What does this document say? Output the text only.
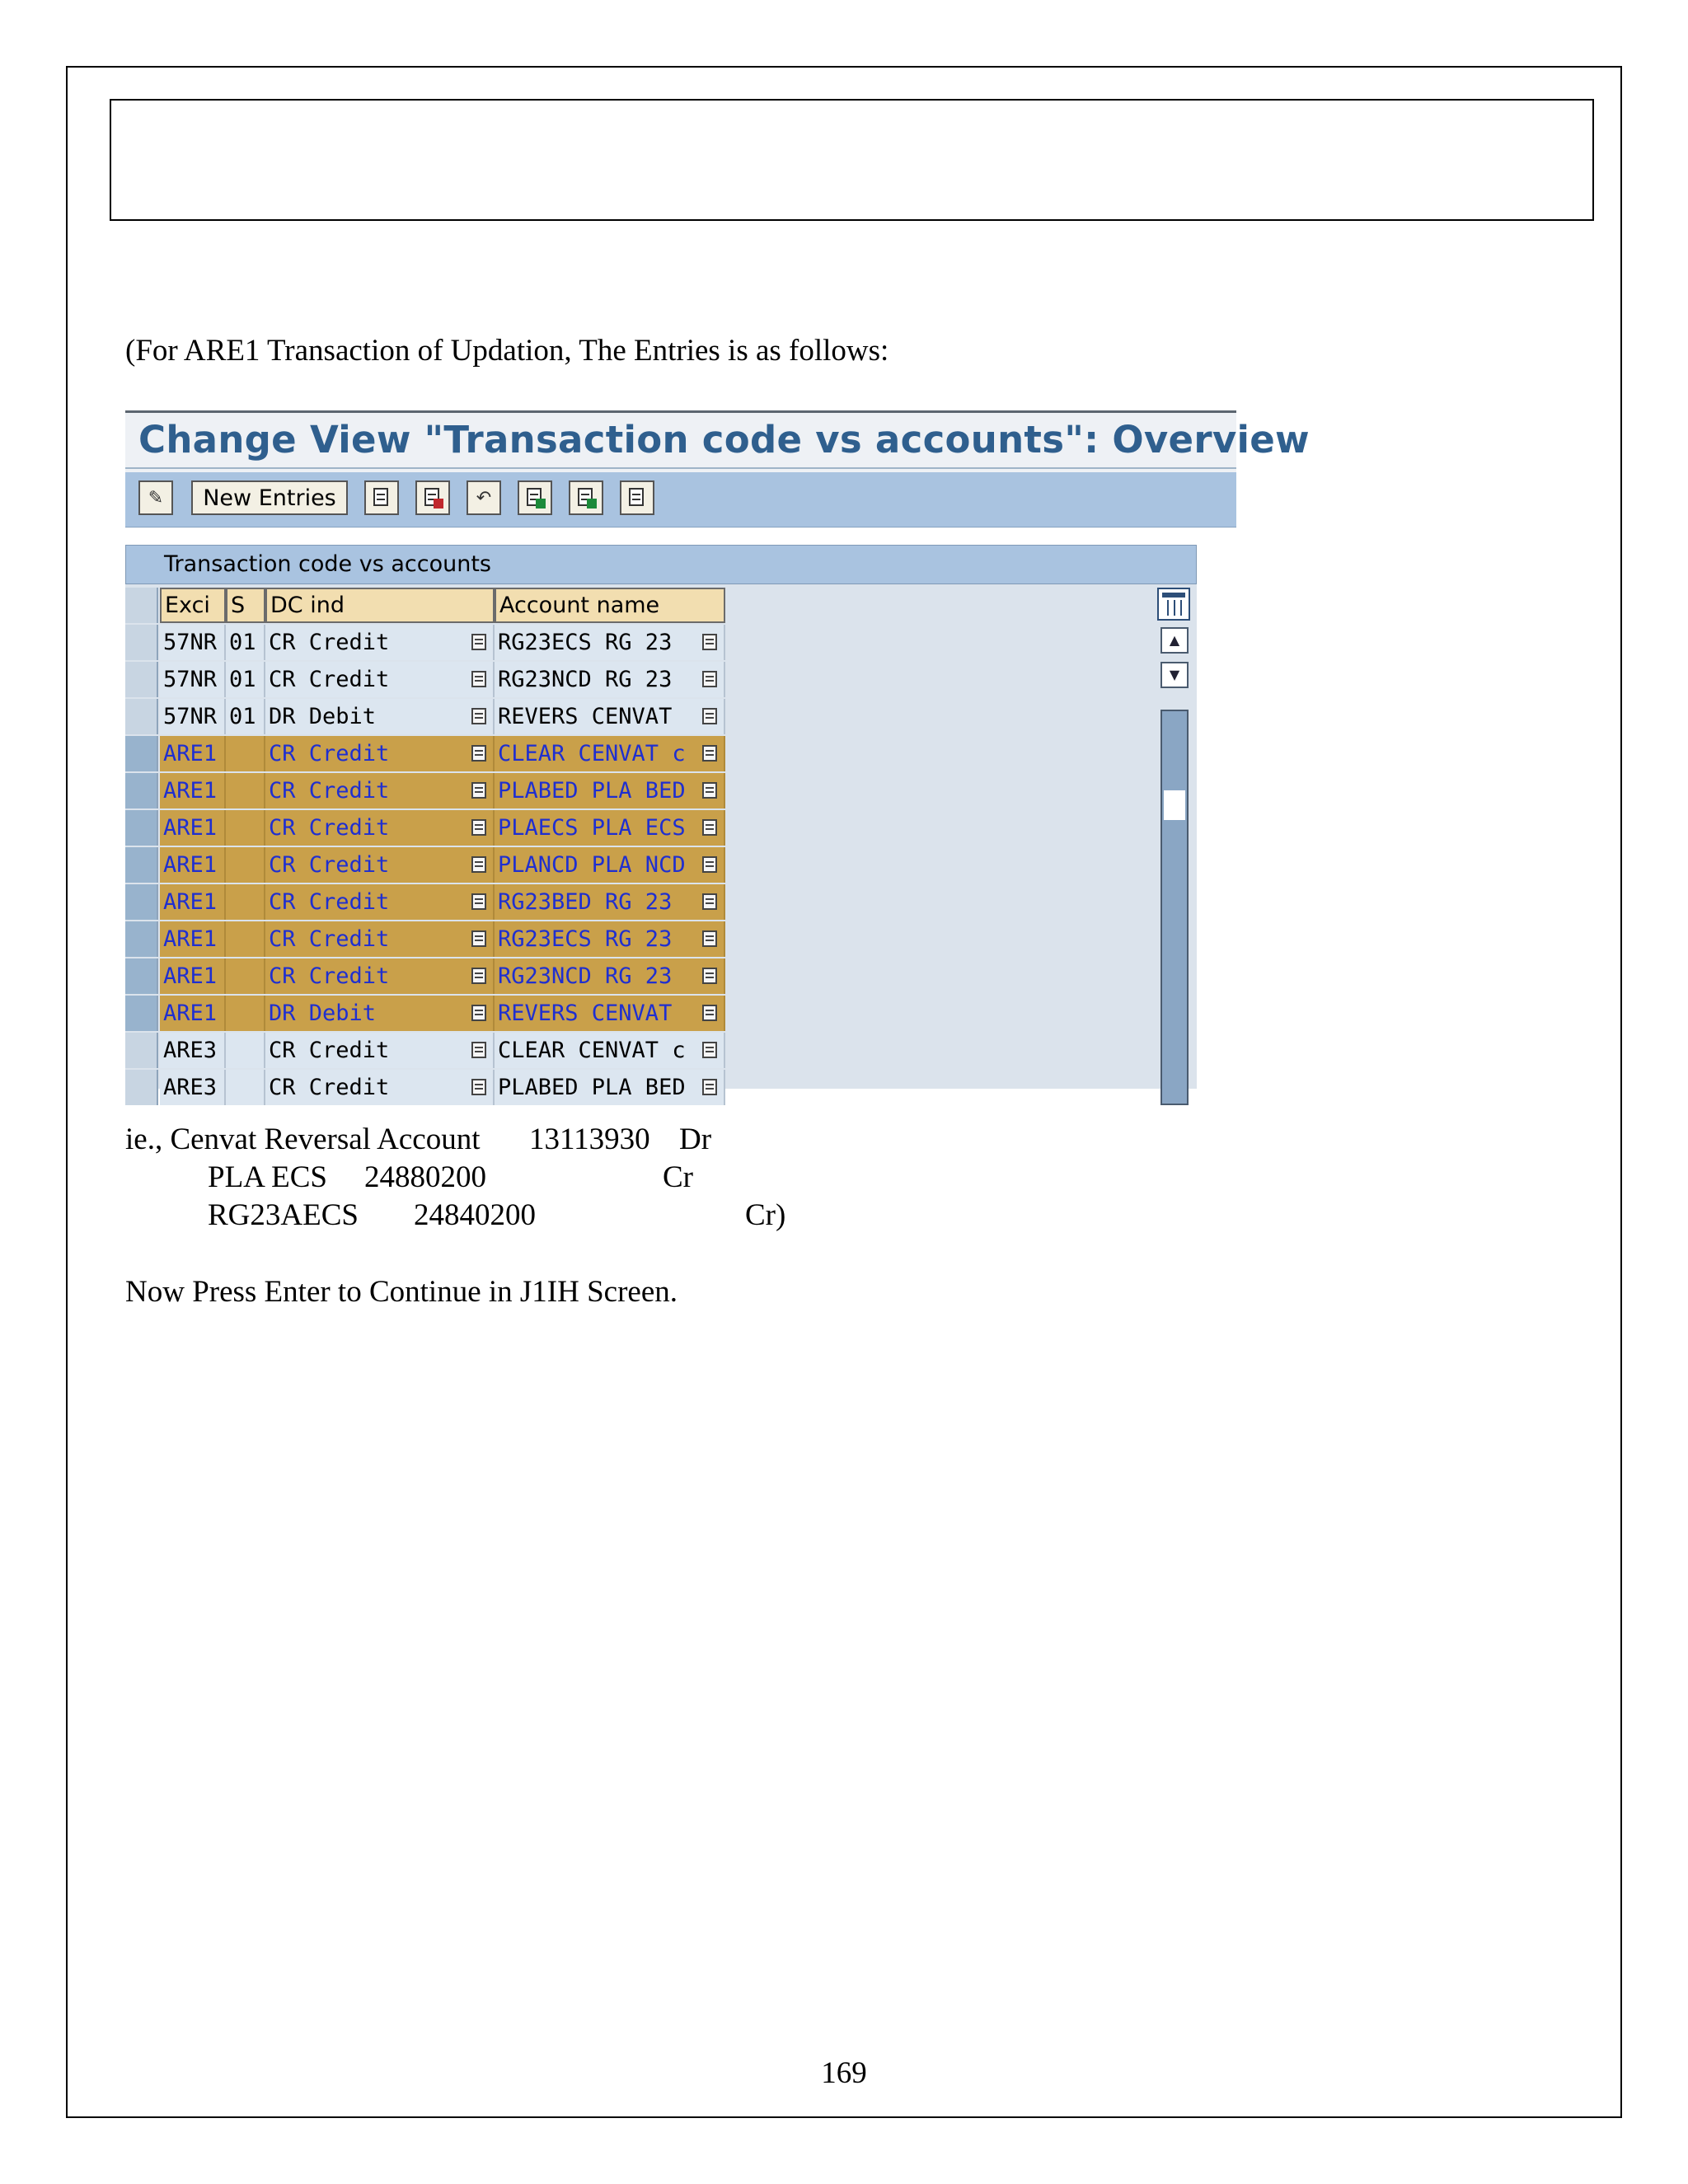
(For ARE1 Transaction of Updation, The Entries is as follows:
Change View "Transaction code vs accounts": Overview
✎	New Entries	↶
Transaction code vs accounts
Exci S	DC ind	Account name
57NR 01 CR Credit	RG23ECS RG 23
57NR 01 CR Credit	RG23NCD RG 23
57NR 01 DR Debit	REVERS CENVAT
ARE1	CR Credit	CLEAR CENVAT c
ARE1	CR Credit	PLABED PLA BED
ARE1	CR Credit	PLAECS PLA ECS
ARE1	CR Credit	PLANCD PLA NCD
ARE1	CR Credit	RG23BED RG 23
ARE1	CR Credit	RG23ECS RG 23
ARE1	CR Credit	RG23NCD RG 23
ARE1	DR Debit	REVERS CENVAT
ARE3	CR Credit	CLEAR CENVAT c
ARE3	CR Credit	PLABED PLA BED
▲
▼
ie., Cenvat Reversal Account 13113930 Dr
PLA ECS 24880200	Cr
RG23AECS 24840200	Cr)
Now Press Enter to Continue in J1IH Screen.
169
